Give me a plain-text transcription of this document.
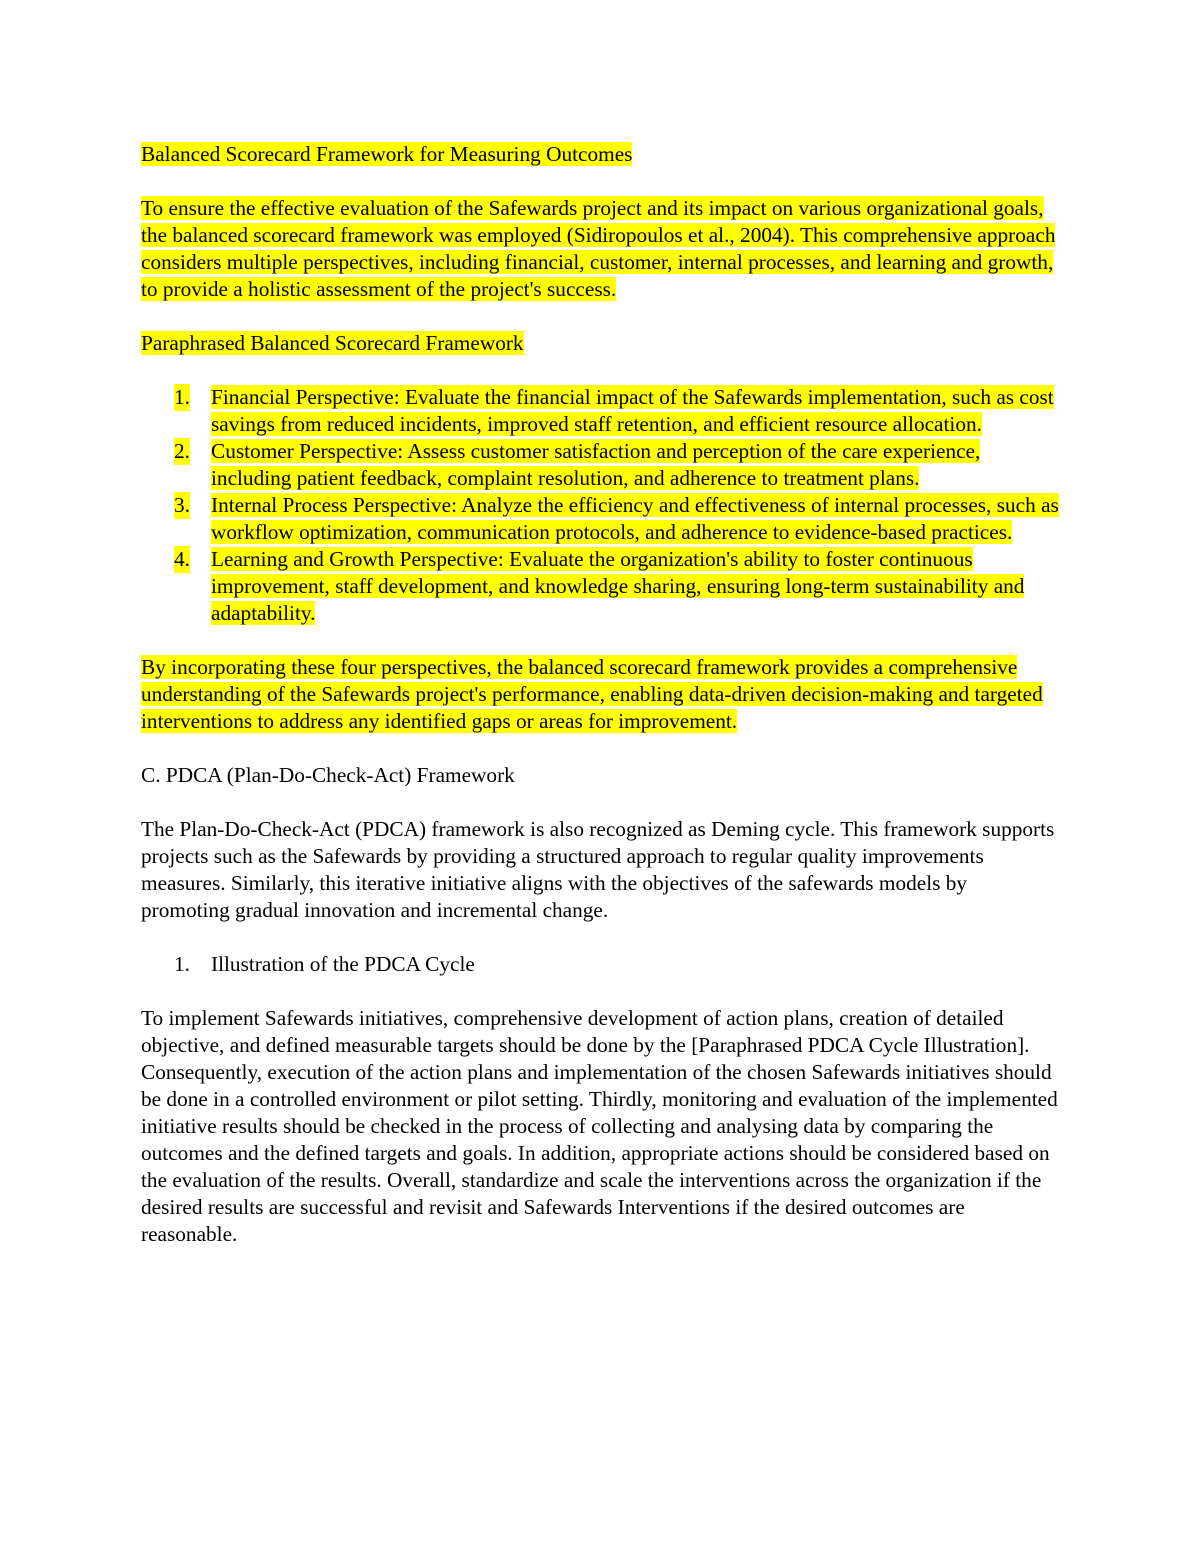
Balanced Scorecard Framework for Measuring Outcomes

To ensure the effective evaluation of the Safewards project and its impact on various organizational goals, the balanced scorecard framework was employed (Sidiropoulos et al., 2004). This comprehensive approach considers multiple perspectives, including financial, customer, internal processes, and learning and growth, to provide a holistic assessment of the project's success.

Paraphrased Balanced Scorecard Framework

1. Financial Perspective: Evaluate the financial impact of the Safewards implementation, such as cost savings from reduced incidents, improved staff retention, and efficient resource allocation.
2. Customer Perspective: Assess customer satisfaction and perception of the care experience, including patient feedback, complaint resolution, and adherence to treatment plans.
3. Internal Process Perspective: Analyze the efficiency and effectiveness of internal processes, such as workflow optimization, communication protocols, and adherence to evidence-based practices.
4. Learning and Growth Perspective: Evaluate the organization's ability to foster continuous improvement, staff development, and knowledge sharing, ensuring long-term sustainability and adaptability.

By incorporating these four perspectives, the balanced scorecard framework provides a comprehensive understanding of the Safewards project's performance, enabling data-driven decision-making and targeted interventions to address any identified gaps or areas for improvement.

C. PDCA (Plan-Do-Check-Act) Framework

The Plan-Do-Check-Act (PDCA) framework is also recognized as Deming cycle. This framework supports projects such as the Safewards by providing a structured approach to regular quality improvements measures. Similarly, this iterative initiative aligns with the objectives of the safewards models by promoting gradual innovation and incremental change.

1. Illustration of the PDCA Cycle

To implement Safewards initiatives, comprehensive development of action plans, creation of detailed objective, and defined measurable targets should be done by the [Paraphrased PDCA Cycle Illustration]. Consequently, execution of the action plans and implementation of the chosen Safewards initiatives should be done in a controlled environment or pilot setting. Thirdly, monitoring and evaluation of the implemented initiative results should be checked in the process of collecting and analysing data by comparing the outcomes and the defined targets and goals. In addition, appropriate actions should be considered based on the evaluation of the results. Overall, standardize and scale the interventions across the organization if the desired results are successful and revisit and Safewards Interventions if the desired outcomes are reasonable.
